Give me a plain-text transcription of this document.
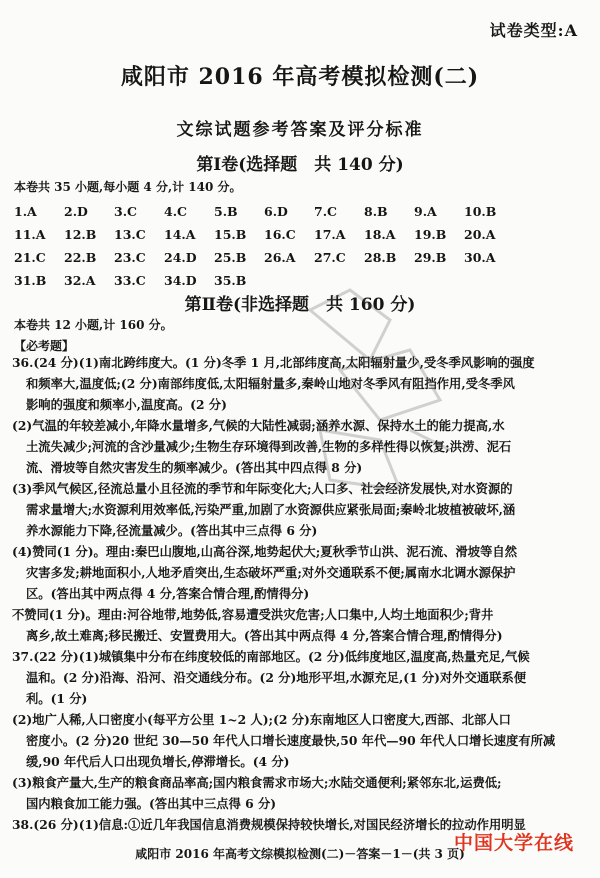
试卷类型:A
咸阳市 2016 年高考模拟检测(二)
文综试题参考答案及评分标准
第Ⅰ卷(选择题　共 140 分)
本卷共 35 小题,每小题 4 分,计 140 分。
1.A	2.D	3.C	4.C	5.B	6.D	7.C	8.B	9.A	10.B
11.A	12.B	13.C	14.A	15.B	16.C	17.A	18.A	19.B	20.A
21.C	22.B	23.C	24.D	25.B	26.A	27.C	28.B	29.B	30.A
31.B	32.A	33.C	34.D	35.B
第Ⅱ卷(非选择题　共 160 分)
本卷共 12 小题,计 160 分。
【必考题】

36.(24 分)(1)南北跨纬度大。(1 分)冬季 1 月,北部纬度高,太阳辐射量少,受冬季风影响的强度

和频率大,温度低;(2 分)南部纬度低,太阳辐射量多,秦岭山地对冬季风有阻挡作用,受冬季风

影响的强度和频率小,温度高。(2 分)

(2)气温的年较差减小,年降水量增多,气候的大陆性减弱;涵养水源、保持水土的能力提高,水

土流失减少;河流的含沙量减少;生物生存环境得到改善,生物的多样性得以恢复;洪涝、泥石

流、滑坡等自然灾害发生的频率减少。(答出其中四点得 8 分)

(3)季风气候区,径流总量小且径流的季节和年际变化大;人口多、社会经济发展快,对水资源的

需求量增大;水资源利用效率低,污染严重,加剧了水资源供应紧张局面;秦岭北坡植被破坏,涵

养水源能力下降,径流量减少。(答出其中三点得 6 分)

(4)赞同(1 分)。理由:秦巴山腹地,山高谷深,地势起伏大;夏秋季节山洪、泥石流、滑坡等自然

灾害多发;耕地面积小,人地矛盾突出,生态破坏严重;对外交通联系不便;属南水北调水源保护

区。(答出其中两点得 4 分,答案合情合理,酌情得分)

不赞同(1 分)。理由:河谷地带,地势低,容易遭受洪灾危害;人口集中,人均土地面积少;背井

离乡,故土难离;移民搬迁、安置费用大。(答出其中两点得 4 分,答案合情合理,酌情得分)

37.(22 分)(1)城镇集中分布在纬度较低的南部地区。(2 分)低纬度地区,温度高,热量充足,气候

温和。(2 分)沿海、沿河、沿交通线分布。(2 分)地形平坦,水源充足,(1 分)对外交通联系便

利。(1 分)

(2)地广人稀,人口密度小(每平方公里 1~2 人);(2 分)东南地区人口密度大,西部、北部人口

密度小。(2 分)20 世纪 30—50 年代人口增长速度最快,50 年代—90 年代人口增长速度有所减

缓,90 年代后人口出现负增长,停滞增长。(4 分)

(3)粮食产量大,生产的粮食商品率高;国内粮食需求市场大;水陆交通便利;紧邻东北,运费低;

国内粮食加工能力强。(答出其中三点得 6 分)

38.(26 分)(1)信息:①近几年我国信息消费规模保持较快增长,对国民经济增长的拉动作用明显

咸阳市 2016 年高考文综模拟检测(二)－答案－1－(共 3 页)
中国大学在线
